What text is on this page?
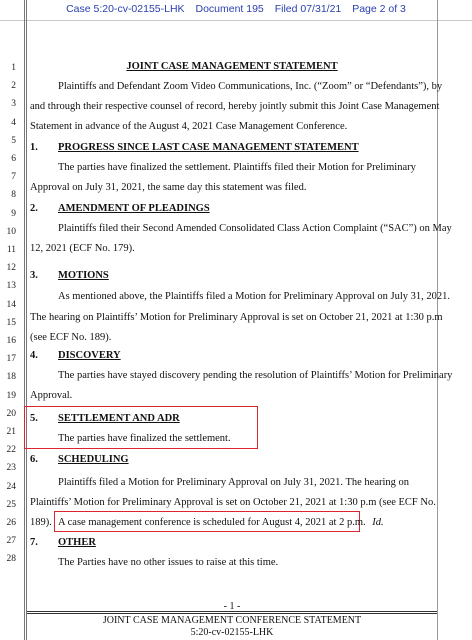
Case 5:20-cv-02155-LHK Document 195 Filed 07/31/21 Page 2 of 3
1
2
3
4
5
6
7
8
9
10
11
12
13
14
15
16
17
18
19
20
21
22
23
24
25
26
27
28
JOINT CASE MANAGEMENT STATEMENT
Plaintiffs and Defendant Zoom Video Communications, Inc. (“Zoom” or “Defendants”), by
and through their respective counsel of record, hereby jointly submit this Joint Case Management
Statement in advance of the August 4, 2021 Case Management Conference.
1. PROGRESS SINCE LAST CASE MANAGEMENT STATEMENT
The parties have finalized the settlement. Plaintiffs filed their Motion for Preliminary
Approval on July 31, 2021, the same day this statement was filed.
2. AMENDMENT OF PLEADINGS
Plaintiffs filed their Second Amended Consolidated Class Action Complaint (“SAC”) on May
12, 2021 (ECF No. 179).
3. MOTIONS
As mentioned above, the Plaintiffs filed a Motion for Preliminary Approval on July 31, 2021.
The hearing on Plaintiffs’ Motion for Preliminary Approval is set on October 21, 2021 at 1:30 p.m
(see ECF No. 189).
4. DISCOVERY
The parties have stayed discovery pending the resolution of Plaintiffs’ Motion for Preliminary
Approval.
5. SETTLEMENT AND ADR
The parties have finalized the settlement.
6. SCHEDULING
Plaintiffs filed a Motion for Preliminary Approval on July 31, 2021. The hearing on
Plaintiffs’ Motion for Preliminary Approval is set on October 21, 2021 at 1:30 p.m (see ECF No.
189). A case management conference is scheduled for August 4, 2021 at 2 p.m. Id.
7. OTHER
The Parties have no other issues to raise at this time.
- 1 -
JOINT CASE MANAGEMENT CONFERENCE STATEMENT
5:20-cv-02155-LHK
